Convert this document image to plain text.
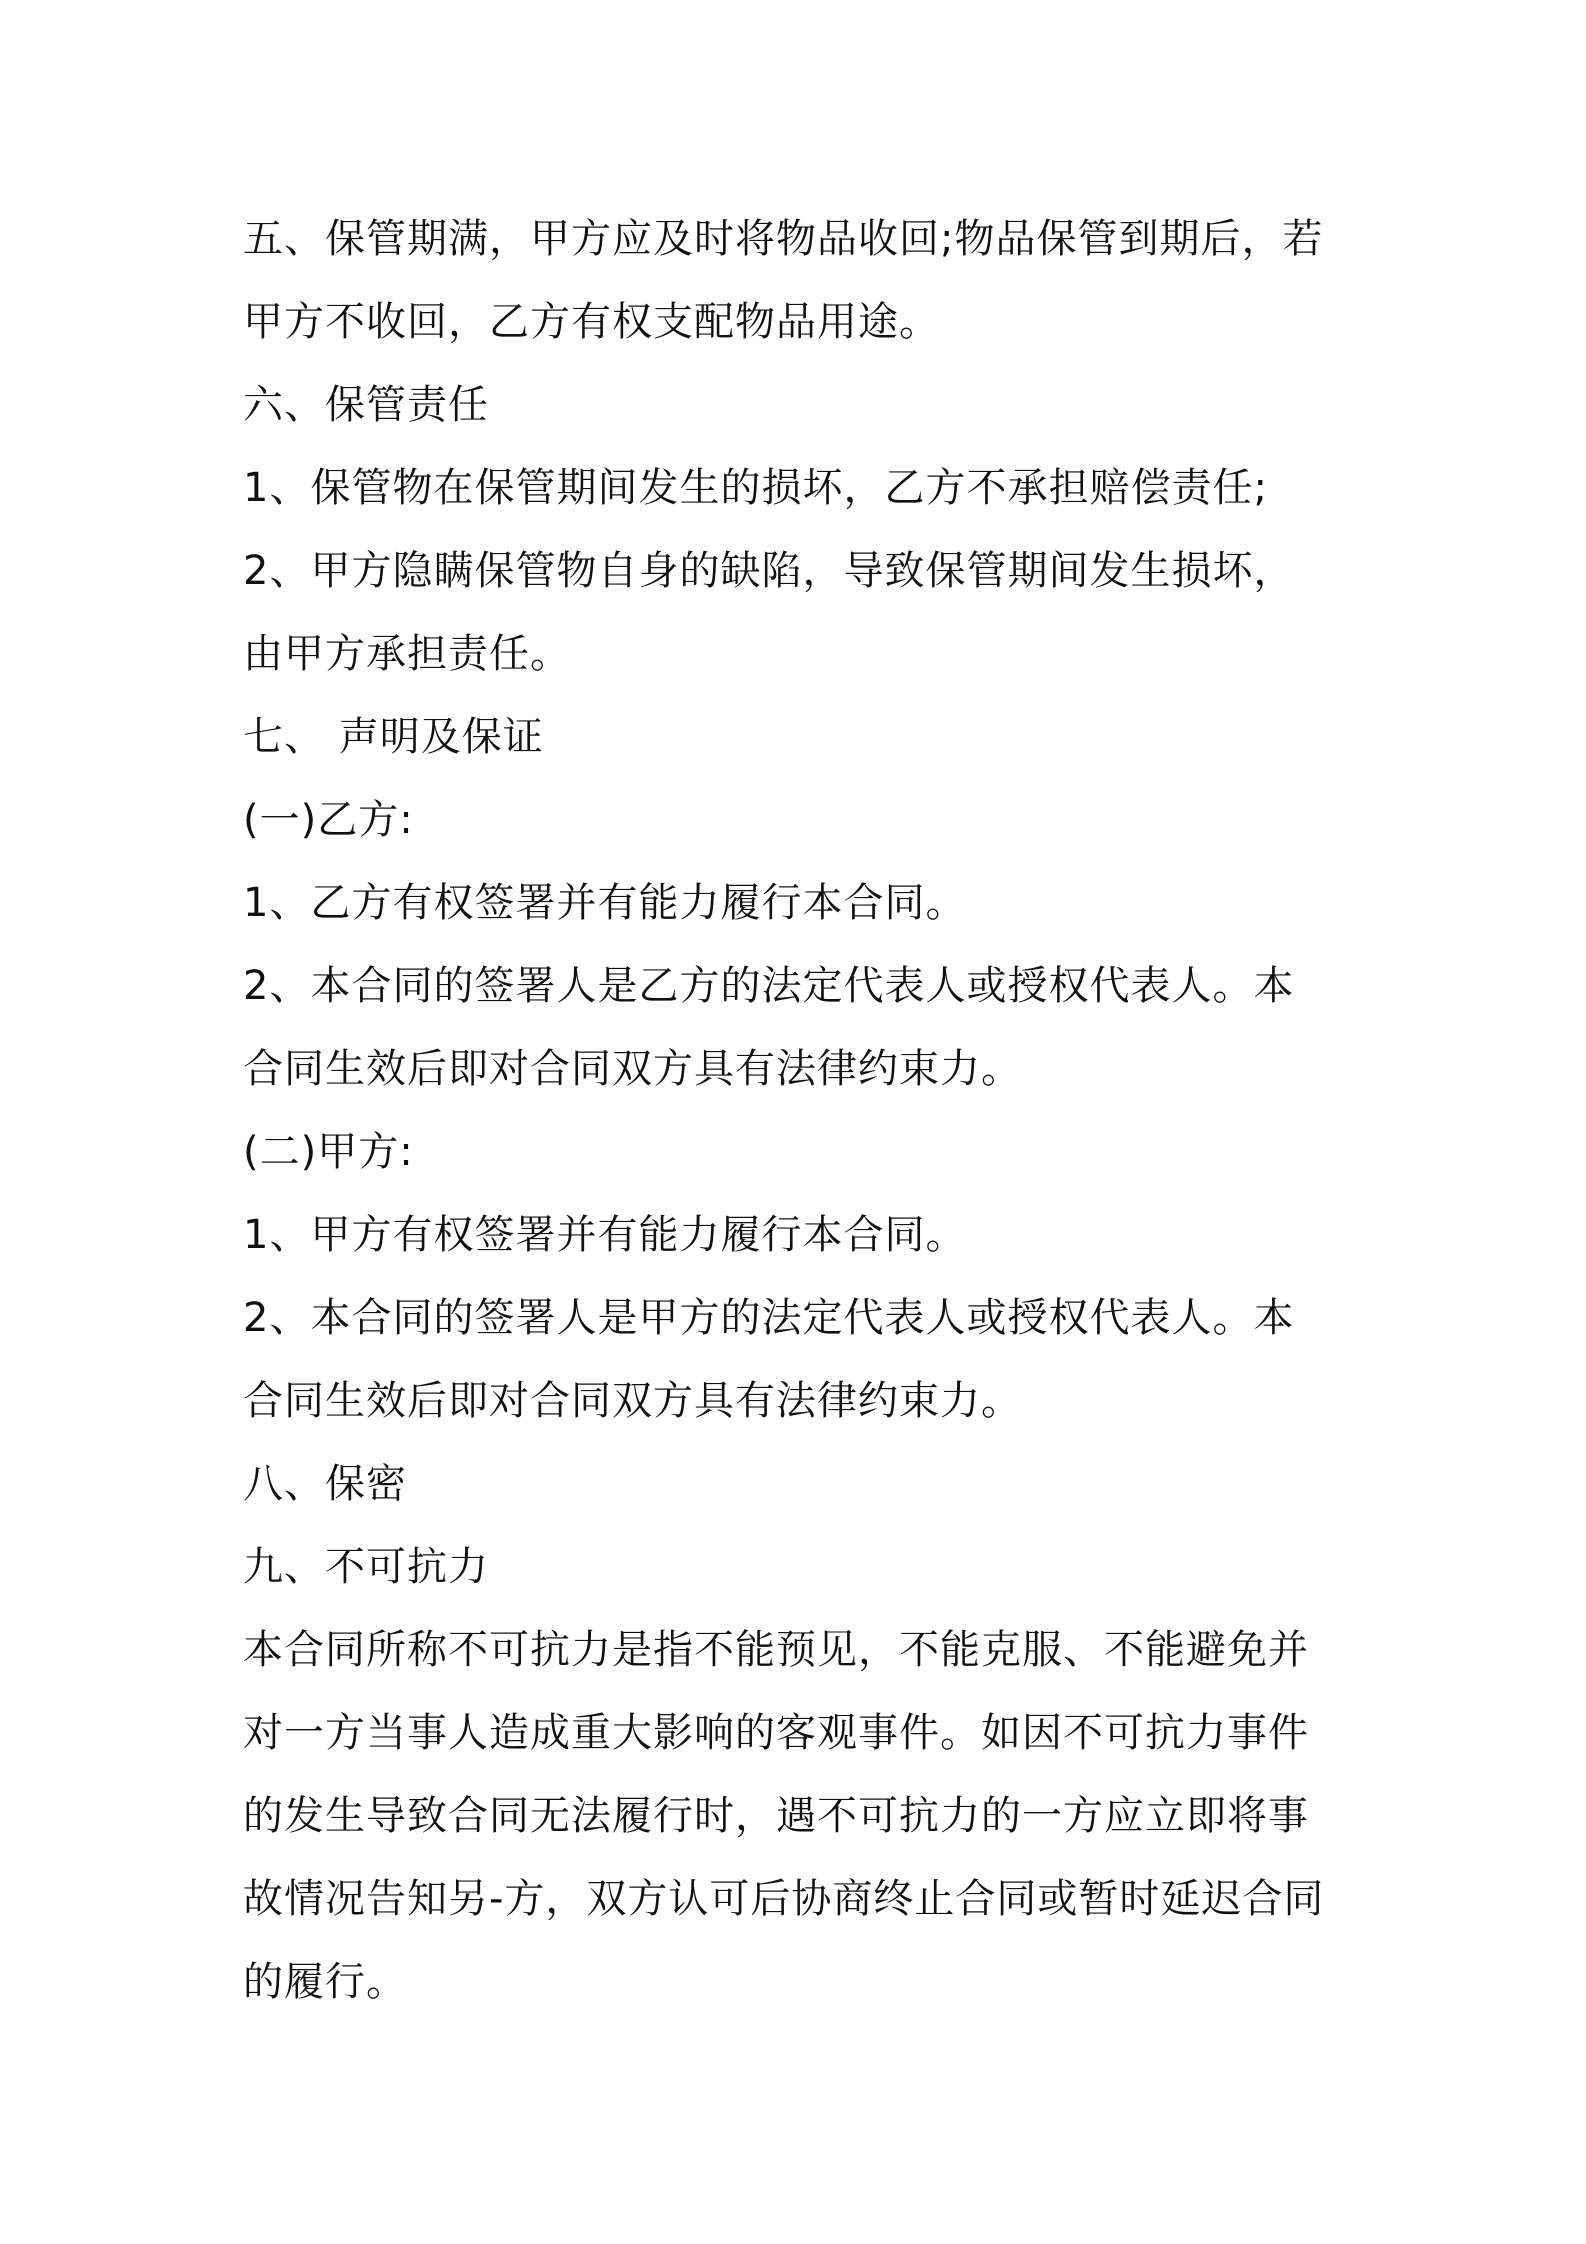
五、保管期满，甲方应及时将物品收回;物品保管到期后，若
甲方不收回，乙方有权支配物品用途。
六、保管责任
1、保管物在保管期间发生的损坏，乙方不承担赔偿责任;
2、甲方隐瞒保管物自身的缺陷，导致保管期间发生损坏，
由甲方承担责任。
七、 声明及保证
(一)乙方:
1、乙方有权签署并有能力履行本合同。
2、本合同的签署人是乙方的法定代表人或授权代表人。本
合同生效后即对合同双方具有法律约束力。
(二)甲方:
1、甲方有权签署并有能力履行本合同。
2、本合同的签署人是甲方的法定代表人或授权代表人。本
合同生效后即对合同双方具有法律约束力。
八、保密
九、不可抗力
本合同所称不可抗力是指不能预见，不能克服、不能避免并
对一方当事人造成重大影响的客观事件。如因不可抗力事件
的发生导致合同无法履行时，遇不可抗力的一方应立即将事
故情况告知另-方，双方认可后协商终止合同或暂时延迟合同
的履行。
